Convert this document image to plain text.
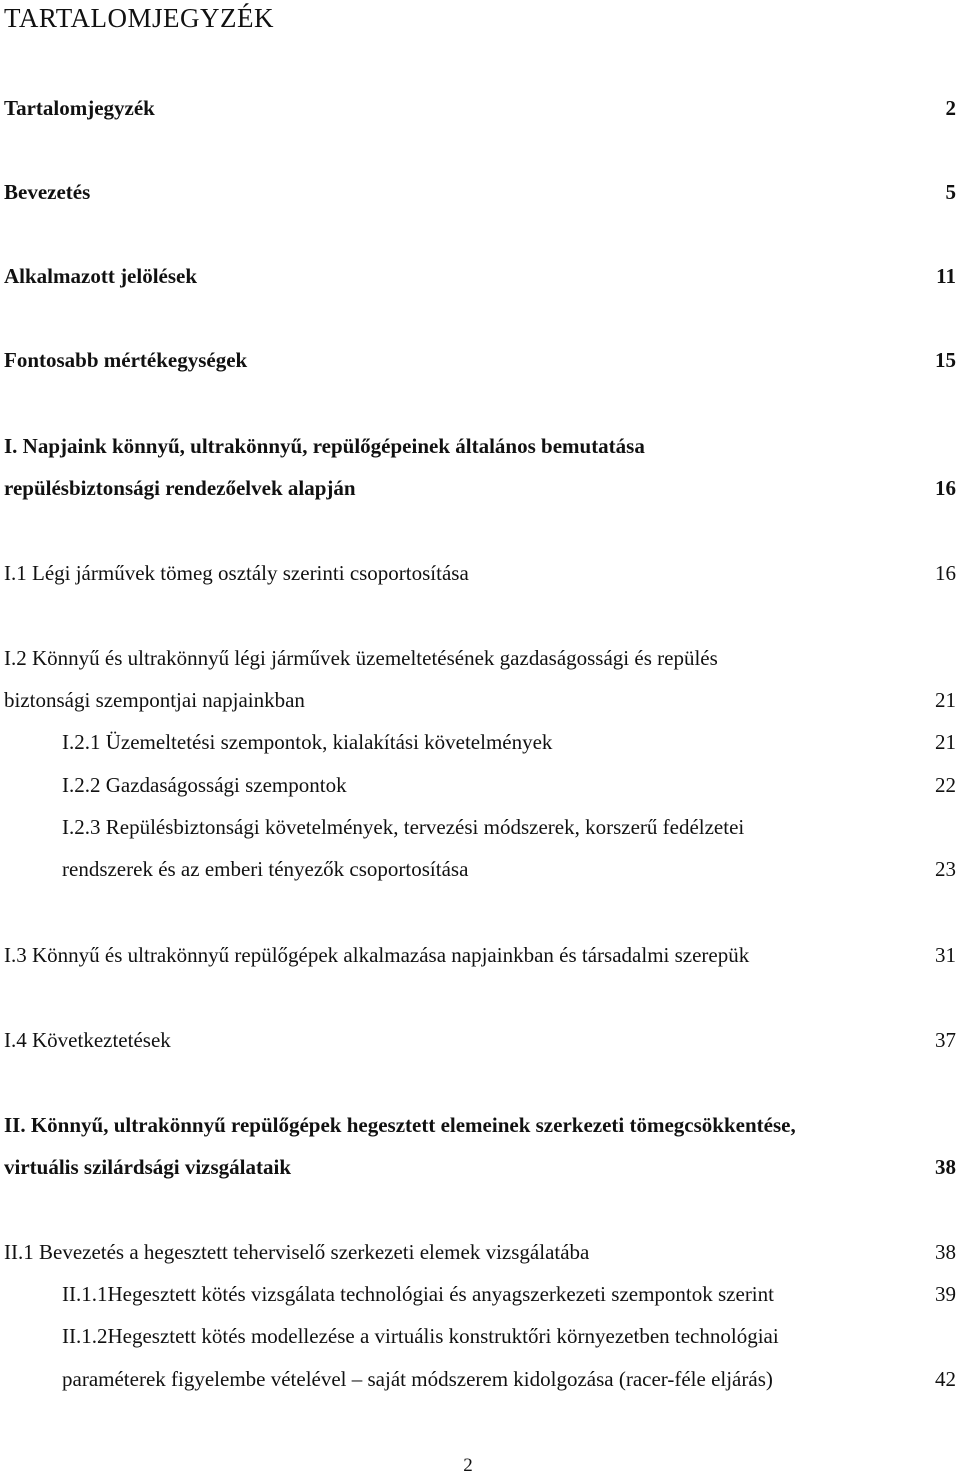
TARTALOMJEGYZÉK
Tartalomjegyzék	2
Bevezetés	5
Alkalmazott jelölések	11
Fontosabb mértékegységek	15
I. Napjaink könnyű, ultrakönnyű, repülőgépeinek általános bemutatása
repülésbiztonsági rendezőelvek alapján	16
I.1 Légi járművek tömeg osztály szerinti csoportosítása	16
I.2 Könnyű és ultrakönnyű légi járművek üzemeltetésének gazdaságossági és repülés
biztonsági szempontjai napjainkban	21
I.2.1 Üzemeltetési szempontok, kialakítási követelmények	21
I.2.2 Gazdaságossági szempontok	22
I.2.3 Repülésbiztonsági követelmények, tervezési módszerek, korszerű fedélzetei
rendszerek és az emberi tényezők csoportosítása	23
I.3 Könnyű és ultrakönnyű repülőgépek alkalmazása napjainkban és társadalmi szerepük	31
I.4 Következtetések	37
II. Könnyű, ultrakönnyű repülőgépek hegesztett elemeinek szerkezeti tömegcsökkentése,
virtuális szilárdsági vizsgálataik	38
II.1 Bevezetés a hegesztett teherviselő szerkezeti elemek vizsgálatába	38
II.1.1Hegesztett kötés vizsgálata technológiai és anyagszerkezeti szempontok szerint	39
II.1.2Hegesztett kötés modellezése a virtuális konstruktőri környezetben technológiai
paraméterek figyelembe vételével – saját módszerem kidolgozása (racer-féle eljárás)	42
2
